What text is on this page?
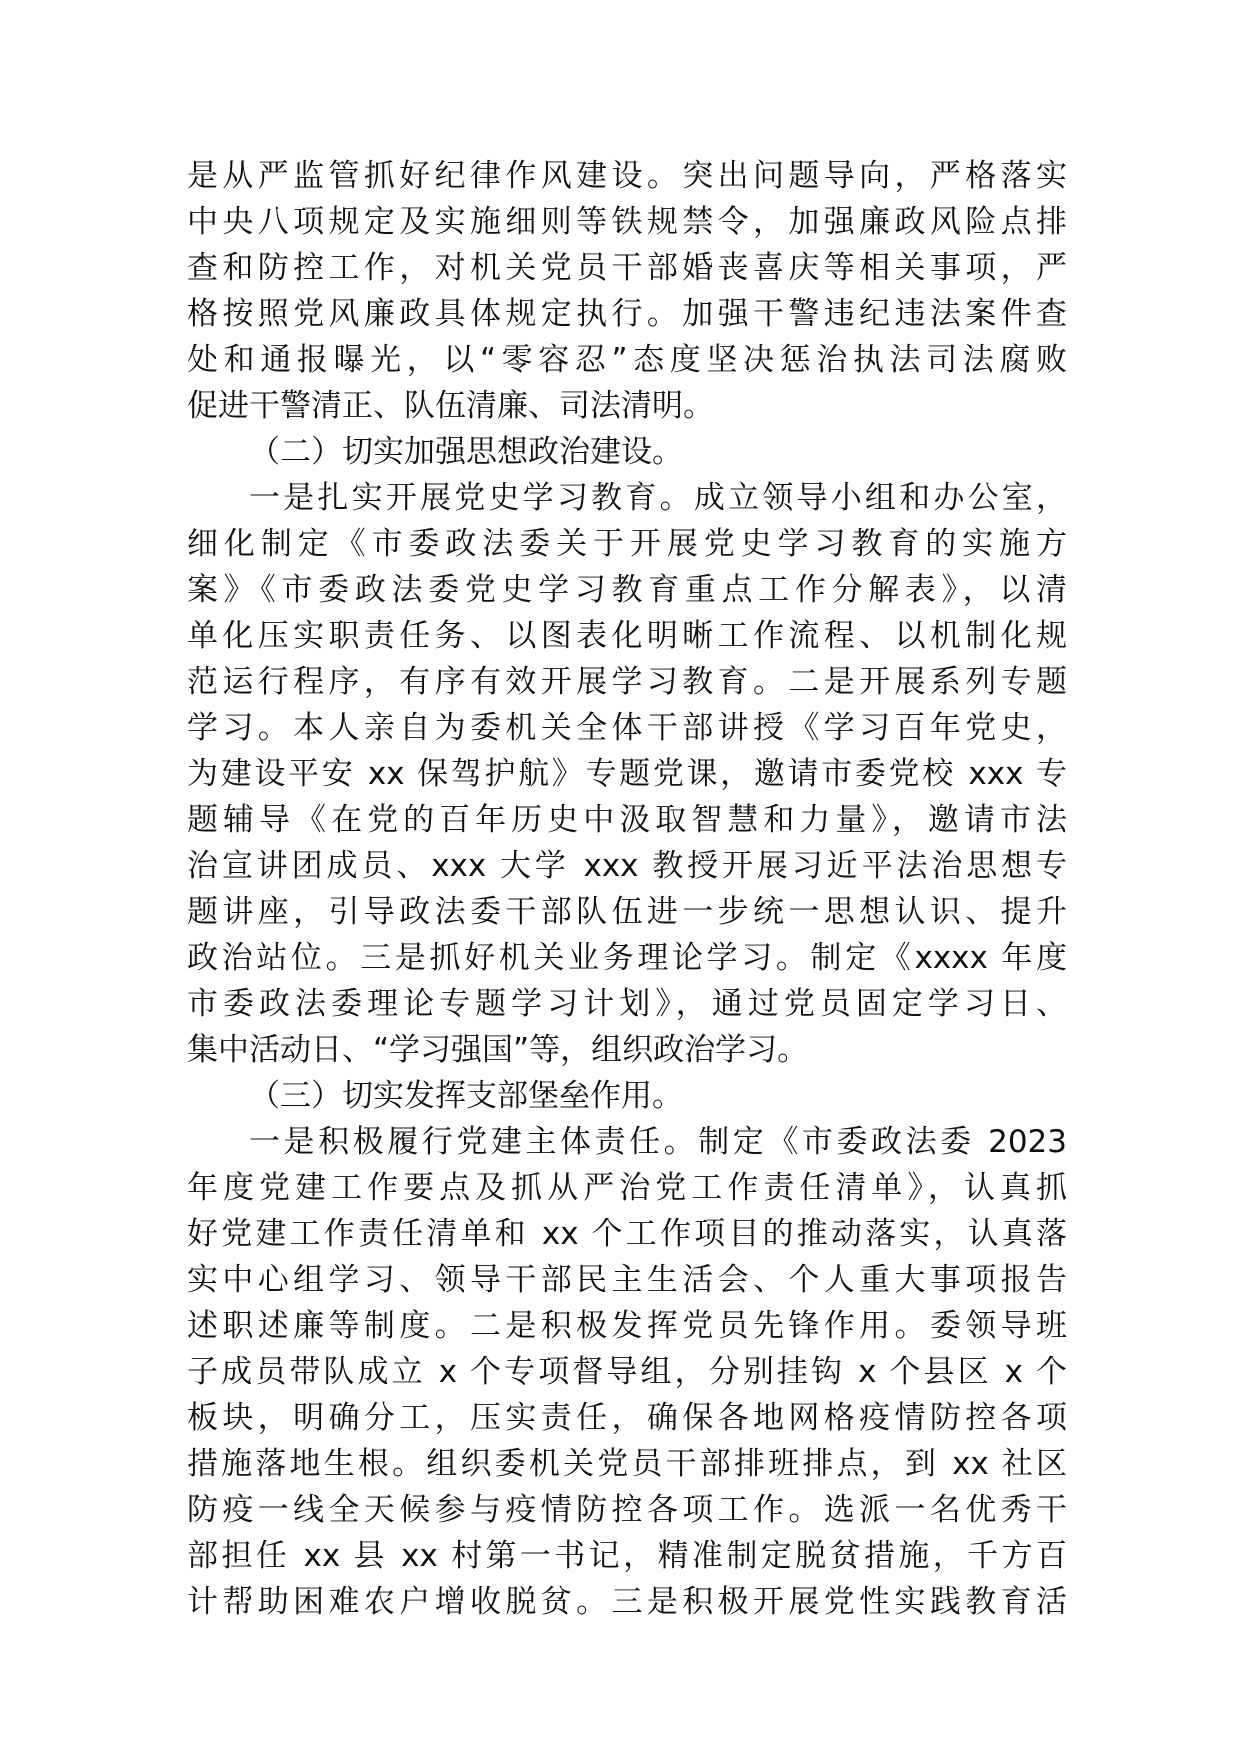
是从严监管抓好纪律作风建设。突出问题导向，严格落实
中央八项规定及实施细则等铁规禁令，加强廉政风险点排
查和防控工作，对机关党员干部婚丧喜庆等相关事项，严
格按照党风廉政具体规定执行。加强干警违纪违法案件查
处和通报曝光，以“零容忍”态度坚决惩治执法司法腐败
促进干警清正、队伍清廉、司法清明。
（二）切实加强思想政治建设。
一是扎实开展党史学习教育。成立领导小组和办公室，
细化制定《市委政法委关于开展党史学习教育的实施方
案》《市委政法委党史学习教育重点工作分解表》，以清
单化压实职责任务、以图表化明晰工作流程、以机制化规
范运行程序，有序有效开展学习教育。二是开展系列专题
学习。本人亲自为委机关全体干部讲授《学习百年党史，
为建设平安 xx 保驾护航》专题党课，邀请市委党校 xxx 专
题辅导《在党的百年历史中汲取智慧和力量》，邀请市法
治宣讲团成员、xxx 大学 xxx 教授开展习近平法治思想专
题讲座，引导政法委干部队伍进一步统一思想认识、提升
政治站位。三是抓好机关业务理论学习。制定《xxxx 年度
市委政法委理论专题学习计划》，通过党员固定学习日、
集中活动日、“学习强国”等，组织政治学习。
（三）切实发挥支部堡垒作用。
一是积极履行党建主体责任。制定《市委政法委 2023
年度党建工作要点及抓从严治党工作责任清单》，认真抓
好党建工作责任清单和 xx 个工作项目的推动落实，认真落
实中心组学习、领导干部民主生活会、个人重大事项报告
述职述廉等制度。二是积极发挥党员先锋作用。委领导班
子成员带队成立 x 个专项督导组，分别挂钩 x 个县区 x 个
板块，明确分工，压实责任，确保各地网格疫情防控各项
措施落地生根。组织委机关党员干部排班排点，到 xx 社区
防疫一线全天候参与疫情防控各项工作。选派一名优秀干
部担任 xx 县 xx 村第一书记，精准制定脱贫措施，千方百
计帮助困难农户增收脱贫。三是积极开展党性实践教育活
